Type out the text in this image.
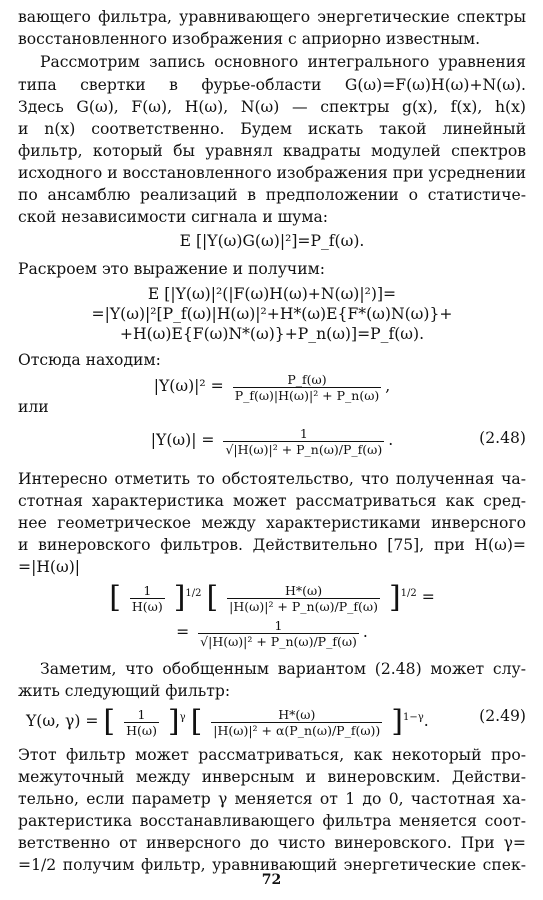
вающего фильтра, уравнивающего энергетические спектры
восстановленного изображения с априорно известным.
Рассмотрим запись основного интегрального уравнения
типа свертки в фурье-области G(ω)=F(ω)H(ω)+N(ω).
Здесь G(ω), F(ω), H(ω), N(ω) — спектры g(x), f(x), h(x)
и n(x) соответственно. Будем искать такой линейный
фильтр, который бы уравнял квадраты модулей спектров
исходного и восстановленного изображения при усреднении
по ансамблю реализаций в предположении о статистиче-
ской независимости сигнала и шума:
E [|Y(ω)G(ω)|²]=P_f(ω).
Раскроем это выражение и получим:
E [|Y(ω)|²(|F(ω)H(ω)+N(ω)|²)]=
=|Y(ω)|²[P_f(ω)|H(ω)|²+H*(ω)E{F*(ω)N(ω)}+
+H(ω)E{F(ω)N*(ω)}+P_n(ω)]=P_f(ω).
Отсюда находим:
$|Y(\omega)|^2 = \frac{P\_f(\omega)}{\text{P\_f(ω)|H(ω)|² + P\_n(ω)}}$ ,
или
$|Y(\omega)| = \frac{1}{\text{√|H(ω)|² + P\_n(ω)/P\_f(ω)}}$ .	(2.48)
Интересно отметить то обстоятельство, что полученная ча-
стотная характеристика может рассматриваться как сред-
нее геометрическое между характеристиками инверсного
и винеровского фильтров. Действительно [75], при H(ω)=
=|H(ω)|
[ $\frac{1}{H(\omega)} ]^{1/2}$ [ $\frac{H*(\omega)}{\text{|H(ω)|² + P\_n(ω)/P\_f(ω)}} ]^{1/2}$ =
= $\frac{1}{\text{√|H(ω)|² + P\_n(ω)/P\_f(ω)}}$ .
Заметим, что обобщенным вариантом (2.48) может слу-
жить следующий фильтр:
Y(ω, γ) = [ $\frac{1}{H(\omega)} ]^\gamma$ [ $\frac{H*(\omega)}{\text{|H(ω)|² + α(P\_n(ω)/P\_f(ω))}} ]^{1-\gamma}$.	(2.49)
Этот фильтр может рассматриваться, как некоторый про-
межуточный между инверсным и винеровским. Действи-
тельно, если параметр γ меняется от 1 до 0, частотная ха-
рактеристика восстанавливающего фильтра меняется соот-
ветственно от инверсного до чисто винеровского. При γ=
=1/2 получим фильтр, уравнивающий энергетические спек-
72
